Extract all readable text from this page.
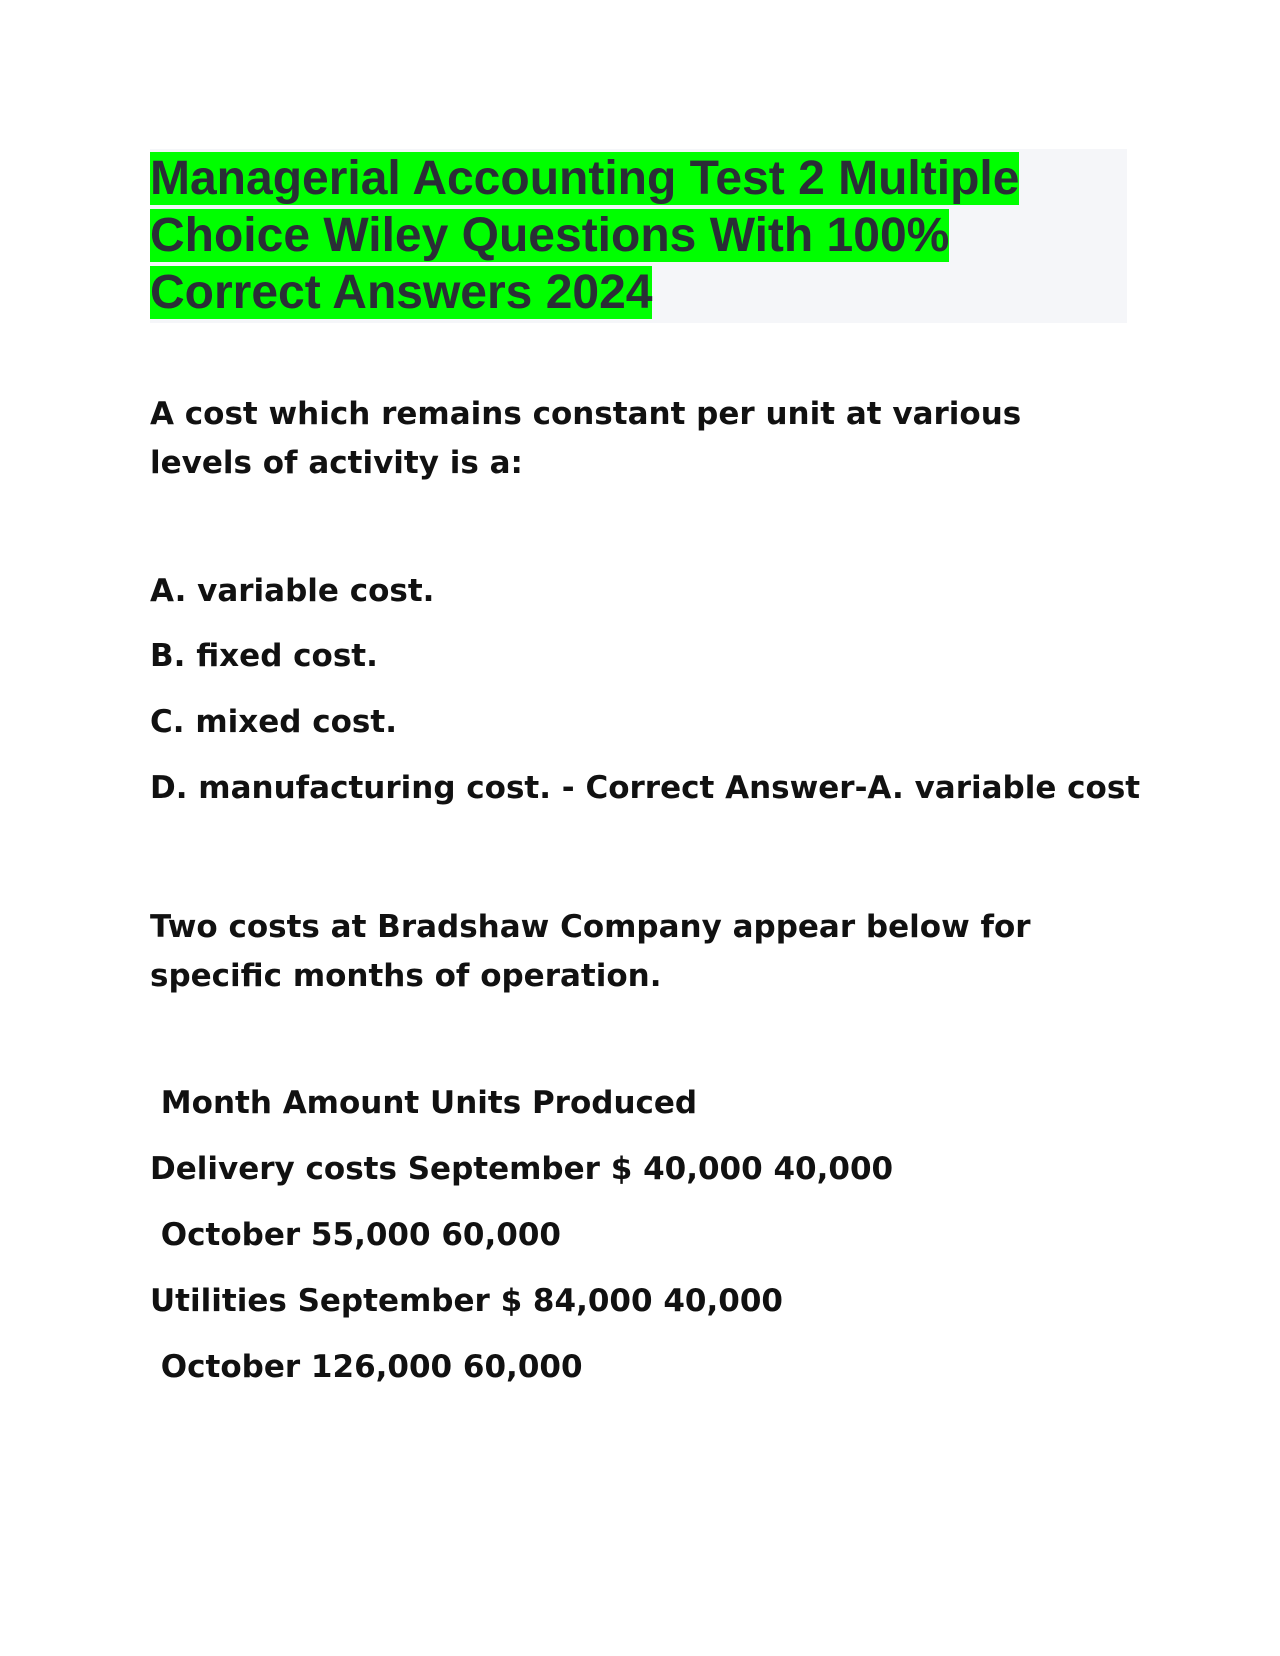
Managerial Accounting Test 2 Multiple Choice Wiley Questions With 100% Correct Answers 2024

A cost which remains constant per unit at various levels of activity is a:

A. variable cost.

B. fixed cost.

C. mixed cost.

D. manufacturing cost. - Correct Answer-A. variable cost

Two costs at Bradshaw Company appear below for specific months of operation.

Month Amount Units Produced

Delivery costs September $ 40,000 40,000

October 55,000 60,000

Utilities September $ 84,000 40,000

October 126,000 60,000
